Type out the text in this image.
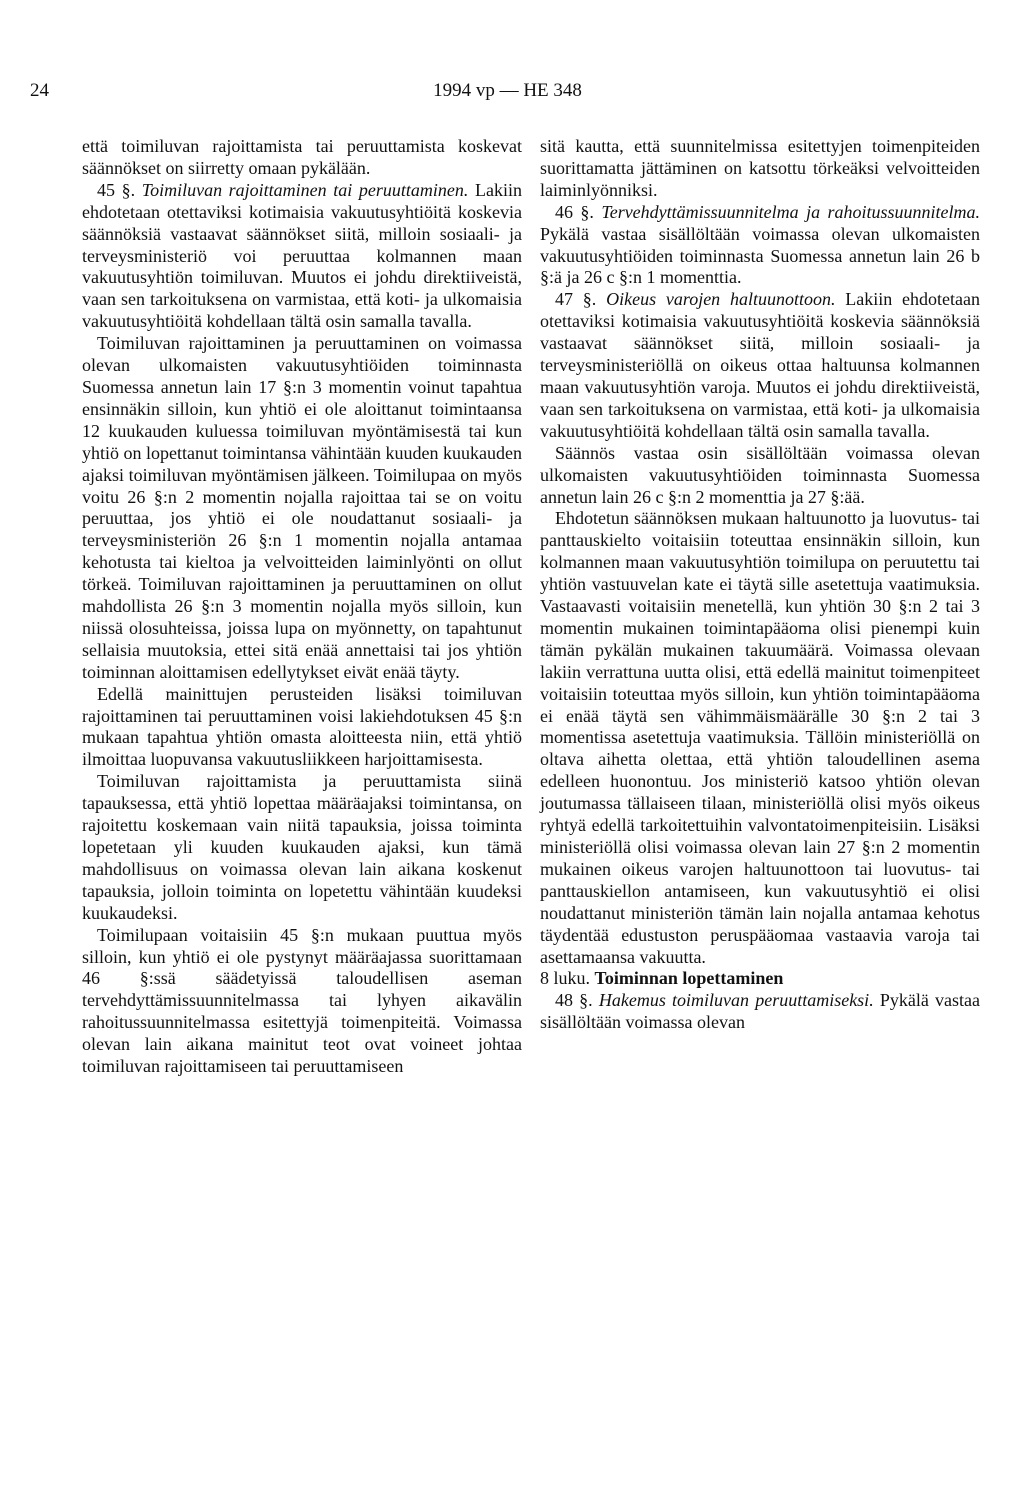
24	1994 vp — HE 348

että toimiluvan rajoittamista tai peruuttamista koskevat säännökset on siirretty omaan pykälään.

45 §. Toimiluvan rajoittaminen tai peruuttaminen. Lakiin ehdotetaan otettaviksi kotimaisia vakuutusyhtiöitä koskevia säännöksiä vastaavat säännökset siitä, milloin sosiaali- ja terveysministeriö voi peruuttaa kolmannen maan vakuutusyhtiön toimiluvan. Muutos ei johdu direktiiveistä, vaan sen tarkoituksena on varmistaa, että koti- ja ulkomaisia vakuutusyhtiöitä kohdellaan tältä osin samalla tavalla.

Toimiluvan rajoittaminen ja peruuttaminen on voimassa olevan ulkomaisten vakuutusyhtiöiden toiminnasta Suomessa annetun lain 17 §:n 3 momentin voinut tapahtua ensinnäkin silloin, kun yhtiö ei ole aloittanut toimintaansa 12 kuukauden kuluessa toimiluvan myöntämisestä tai kun yhtiö on lopettanut toimintansa vähintään kuuden kuukauden ajaksi toimiluvan myöntämisen jälkeen. Toimilupaa on myös voitu 26 §:n 2 momentin nojalla rajoittaa tai se on voitu peruuttaa, jos yhtiö ei ole noudattanut sosiaali- ja terveysministeriön 26 §:n 1 momentin nojalla antamaa kehotusta tai kieltoa ja velvoitteiden laiminlyönti on ollut törkeä. Toimiluvan rajoittaminen ja peruuttaminen on ollut mahdollista 26 §:n 3 momentin nojalla myös silloin, kun niissä olosuhteissa, joissa lupa on myönnetty, on tapahtunut sellaisia muutoksia, ettei sitä enää annettaisi tai jos yhtiön toiminnan aloittamisen edellytykset eivät enää täyty.

Edellä mainittujen perusteiden lisäksi toimiluvan rajoittaminen tai peruuttaminen voisi lakiehdotuksen 45 §:n mukaan tapahtua yhtiön omasta aloitteesta niin, että yhtiö ilmoittaa luopuvansa vakuutusliikkeen harjoittamisesta.

Toimiluvan rajoittamista ja peruuttamista siinä tapauksessa, että yhtiö lopettaa määräajaksi toimintansa, on rajoitettu koskemaan vain niitä tapauksia, joissa toiminta lopetetaan yli kuuden kuukauden ajaksi, kun tämä mahdollisuus on voimassa olevan lain aikana koskenut tapauksia, jolloin toiminta on lopetettu vähintään kuudeksi kuukaudeksi.

Toimilupaan voitaisiin 45 §:n mukaan puuttua myös silloin, kun yhtiö ei ole pystynyt määräajassa suorittamaan 46 §:ssä säädetyissä taloudellisen aseman tervehdyttämissuunnitelmassa tai lyhyen aikavälin rahoitussuunnitelmassa esitettyjä toimenpiteitä. Voimassa olevan lain aikana mainitut teot ovat voineet johtaa toimiluvan rajoittamiseen tai peruuttamiseen

sitä kautta, että suunnitelmissa esitettyjen toimenpiteiden suorittamatta jättäminen on katsottu törkeäksi velvoitteiden laiminlyönniksi.

46 §. Tervehdyttämissuunnitelma ja rahoitussuunnitelma. Pykälä vastaa sisällöltään voimassa olevan ulkomaisten vakuutusyhtiöiden toiminnasta Suomessa annetun lain 26 b §:ä ja 26 c §:n 1 momenttia.

47 §. Oikeus varojen haltuunottoon. Lakiin ehdotetaan otettaviksi kotimaisia vakuutusyhtiöitä koskevia säännöksiä vastaavat säännökset siitä, milloin sosiaali- ja terveysministeriöllä on oikeus ottaa haltuunsa kolmannen maan vakuutusyhtiön varoja. Muutos ei johdu direktiiveistä, vaan sen tarkoituksena on varmistaa, että koti- ja ulkomaisia vakuutusyhtiöitä kohdellaan tältä osin samalla tavalla.

Säännös vastaa osin sisällöltään voimassa olevan ulkomaisten vakuutusyhtiöiden toiminnasta Suomessa annetun lain 26 c §:n 2 momenttia ja 27 §:ää.

Ehdotetun säännöksen mukaan haltuunotto ja luovutus- tai panttauskielto voitaisiin toteuttaa ensinnäkin silloin, kun kolmannen maan vakuutusyhtiön toimilupa on peruutettu tai yhtiön vastuuvelan kate ei täytä sille asetettuja vaatimuksia. Vastaavasti voitaisiin menetellä, kun yhtiön 30 §:n 2 tai 3 momentin mukainen toimintapääoma olisi pienempi kuin tämän pykälän mukainen takuumäärä. Voimassa olevaan lakiin verrattuna uutta olisi, että edellä mainitut toimenpiteet voitaisiin toteuttaa myös silloin, kun yhtiön toimintapääoma ei enää täytä sen vähimmäismäärälle 30 §:n 2 tai 3 momentissa asetettuja vaatimuksia. Tällöin ministeriöllä on oltava aihetta olettaa, että yhtiön taloudellinen asema edelleen huonontuu. Jos ministeriö katsoo yhtiön olevan joutumassa tällaiseen tilaan, ministeriöllä olisi myös oikeus ryhtyä edellä tarkoitettuihin valvontatoimenpiteisiin. Lisäksi ministeriöllä olisi voimassa olevan lain 27 §:n 2 momentin mukainen oikeus varojen haltuunottoon tai luovutus- tai panttauskiellon antamiseen, kun vakuutusyhtiö ei olisi noudattanut ministeriön tämän lain nojalla antamaa kehotus täydentää edustuston peruspääomaa vastaavia varoja tai asettamaansa vakuutta.

8 luku. Toiminnan lopettaminen

48 §. Hakemus toimiluvan peruuttamiseksi. Pykälä vastaa sisällöltään voimassa olevan
